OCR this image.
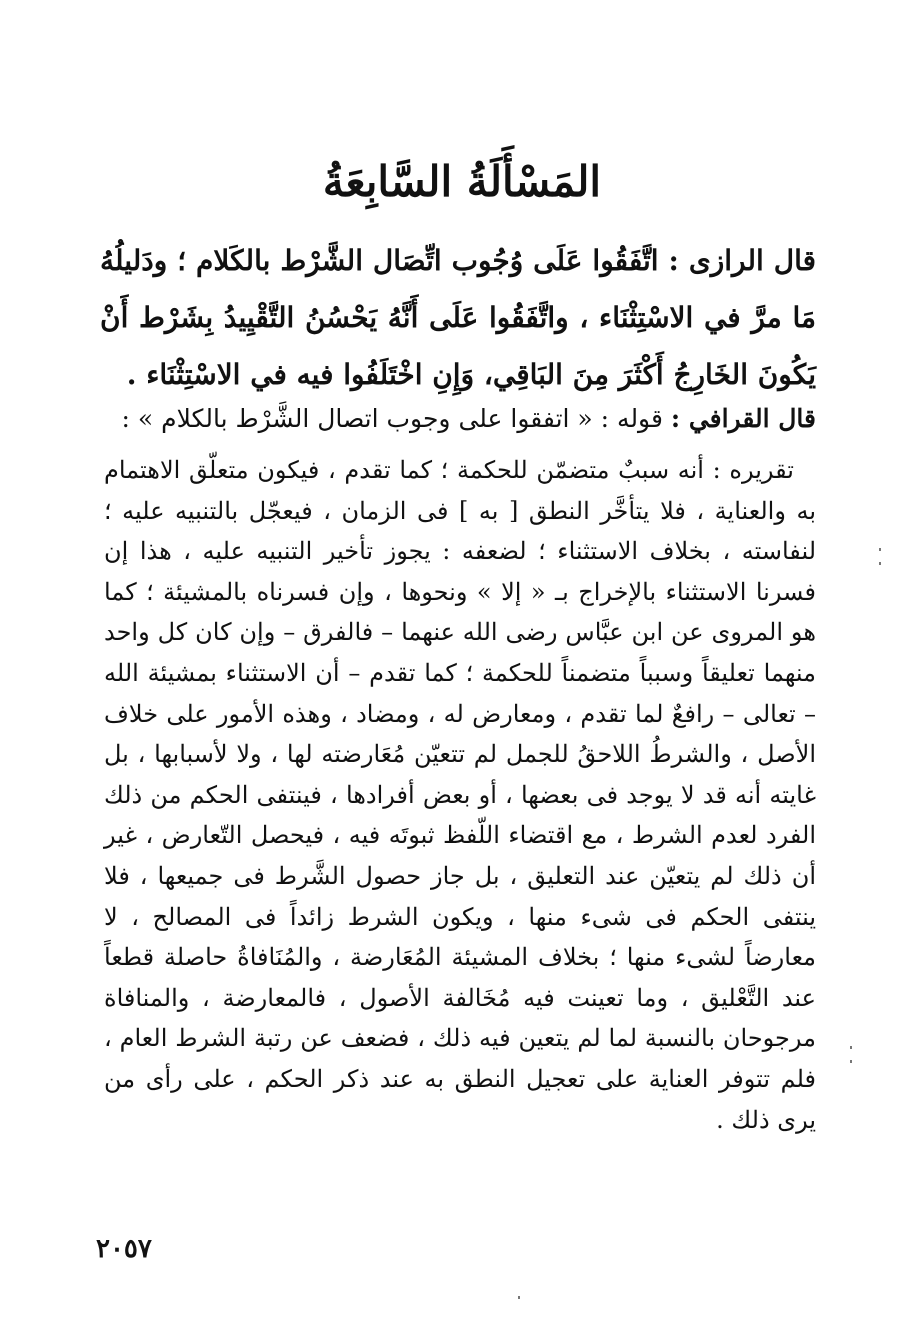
المَسْأَلَةُ السَّابِعَةُ
قال الرازى : اتَّفَقُوا عَلَى وُجُوب اتِّصَال الشَّرْط بالكَلام ؛ ودَليلُهُ مَا مرَّ في الاسْتِثْنَاء ، واتَّفَقُوا عَلَى أَنَّهُ يَحْسُنُ التَّقْيِيدُ بِشَرْط أَنْ يَكُونَ الخَارِجُ أَكْثَرَ مِنَ البَاقِي، وَإِنِ اخْتَلَفُوا فيه في الاسْتِثْنَاء .
قال القرافي : قوله : « اتفقوا على وجوب اتصال الشَّرْط بالكلام » :

تقريره : أنه سببٌ متضمّن للحكمة ؛ كما تقدم ، فيكون متعلّق الاهتمام به والعناية ، فلا يتأخَّر النطق [ به ] فى الزمان ، فيعجّل بالتنبيه عليه ؛ لنفاسته ، بخلاف الاستثناء ؛ لضعفه : يجوز تأخير التنبيه عليه ، هذا إن فسرنا الاستثناء بالإخراج بـ « إلا » ونحوها ، وإن فسرناه بالمشيئة ؛ كما هو المروى عن ابن عبَّاس رضى الله عنهما – فالفرق – وإن كان كل واحد منهما تعليقاً وسبباً متضمناً للحكمة ؛ كما تقدم – أن الاستثناء بمشيئة الله – تعالى – رافعٌ لما تقدم ، ومعارض له ، ومضاد ، وهذه الأمور على خلاف الأصل ، والشرطُ اللاحقُ للجمل لم تتعيّن مُعَارضته لها ، ولا لأسبابها ، بل غايته أنه قد لا يوجد فى بعضها ، أو بعض أفرادها ، فينتفى الحكم من ذلك الفرد لعدم الشرط ، مع اقتضاء اللّفظ ثبوتَه فيه ، فيحصل التّعارض ، غير أن ذلك لم يتعيّن عند التعليق ، بل جاز حصول الشَّرط فى جميعها ، فلا ينتفى الحكم فى شىء منها ، ويكون الشرط زائداً فى المصالح ، لا معارضاً لشىء منها ؛ بخلاف المشيئة المُعَارضة ، والمُنَافاةُ حاصلة قطعاً عند التَّعْليق ، وما تعينت فيه مُخَالفة الأصول ، فالمعارضة ، والمنافاة مرجوحان بالنسبة لما لم يتعين فيه ذلك ، فضعف عن رتبة الشرط العام ، فلم تتوفر العناية على تعجيل النطق به عند ذكر الحكم ، على رأى من يرى ذلك .

٢٠٥٧
